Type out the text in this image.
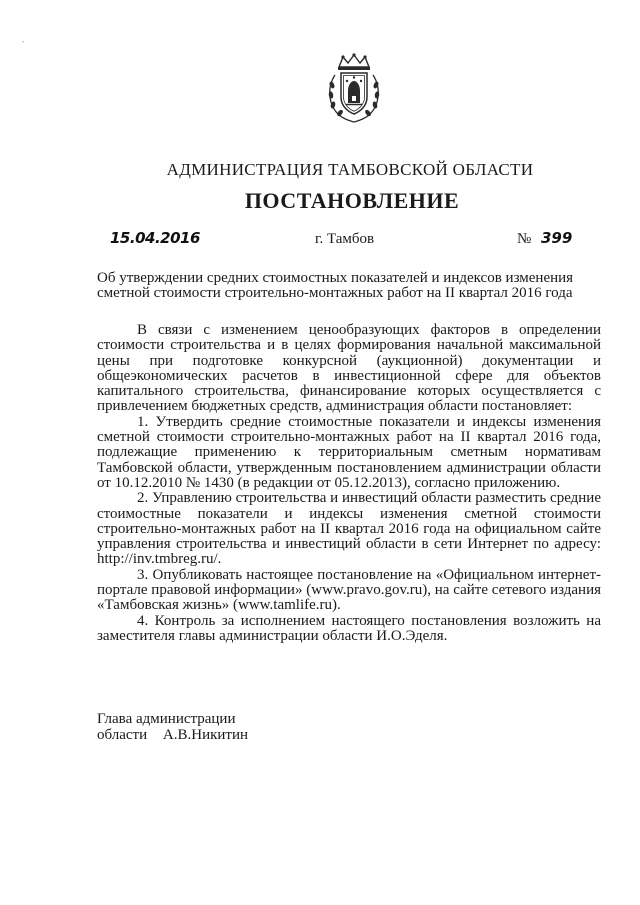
`
АДМИНИСТРАЦИЯ ТАМБОВСКОЙ ОБЛАСТИ
ПОСТАНОВЛЕНИЕ
15.04.2016	г. Тамбов	№ 399
Об утверждении средних стоимостных показателей и индексов изменения сметной стоимости строительно-монтажных работ на II квартал 2016 года

В связи с изменением ценообразующих факторов в определении стоимости строительства и в целях формирования начальной максимальной цены при подготовке конкурсной (аукционной) документации и общеэкономических расчетов в инвестиционной сфере для объектов капитального строительства, финансирование которых осуществляется с привлечением бюджетных средств, администрация области постановляет:

1. Утвердить средние стоимостные показатели и индексы изменения сметной стоимости строительно-монтажных работ на II квартал 2016 года, подлежащие применению к территориальным сметным нормативам Тамбовской области, утвержденным постановлением администрации области от 10.12.2010 № 1430 (в редакции от 05.12.2013), согласно приложению.

2. Управлению строительства и инвестиций области разместить средние стоимостные показатели и индексы изменения сметной стоимости строительно-монтажных работ на II квартал 2016 года на официальном сайте управления строительства и инвестиций области в сети Интернет по адресу: http://inv.tmbreg.ru/.

3. Опубликовать настоящее постановление на «Официальном интернет-портале правовой информации» (www.pravo.gov.ru), на сайте сетевого издания «Тамбовская жизнь» (www.tamlife.ru).

4. Контроль за исполнением настоящего постановления возложить на заместителя главы администрации области И.О.Эделя.

Глава администрации
области А.В.Никитин
